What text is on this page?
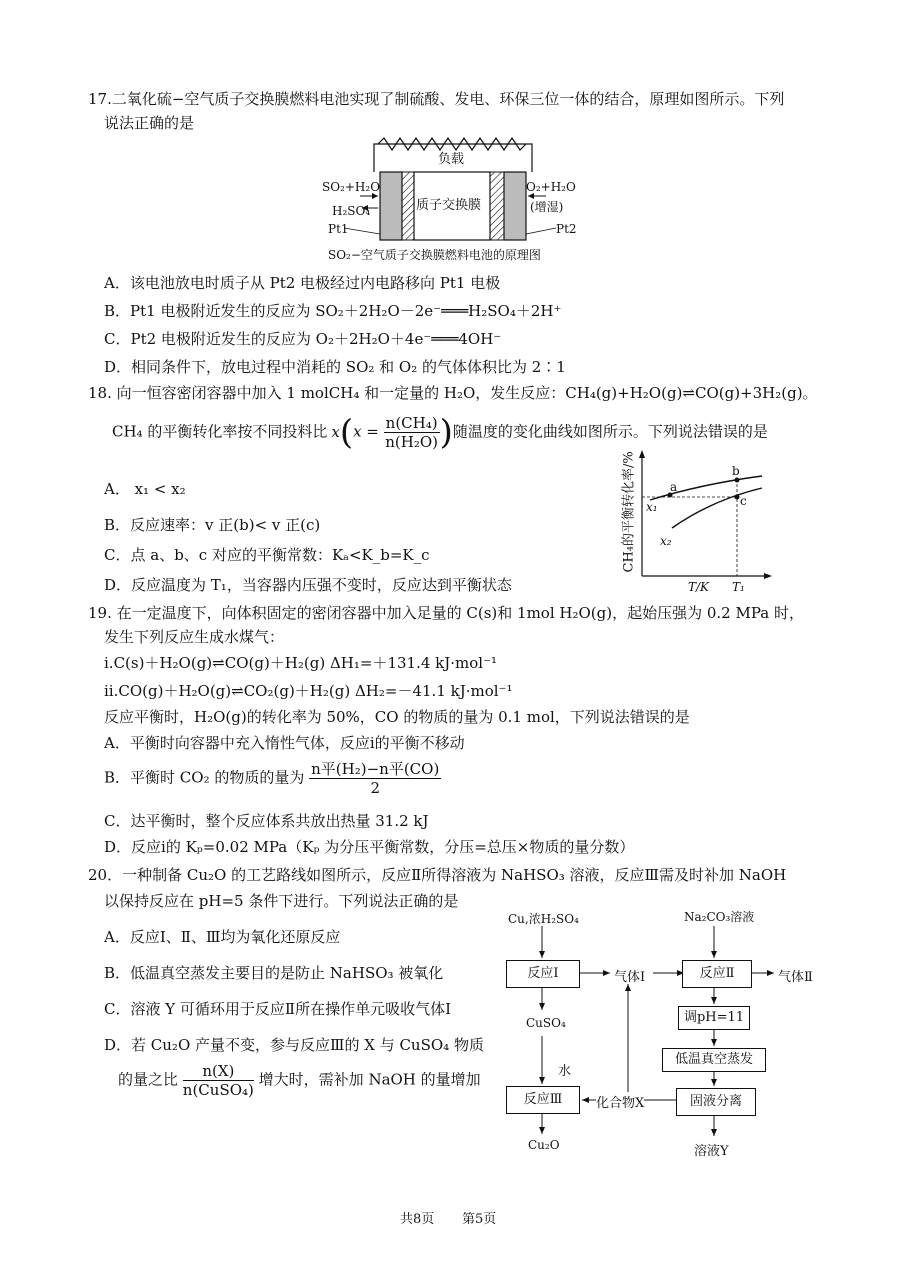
17.二氧化硫−空气质子交换膜燃料电池实现了制硫酸、发电、环保三位一体的结合，原理如图所示。下列
说法正确的是
负载
质子交换膜
SO₂+H₂O
H₂SO₄
Pt1
O₂+H₂O
(增湿)
Pt2
SO₂−空气质子交换膜燃料电池的原理图
A．该电池放电时质子从 Pt2 电极经过内电路移向 Pt1 电极
B．Pt1 电极附近发生的反应为 SO₂＋2H₂O－2e⁻═══H₂SO₄＋2H⁺
C．Pt2 电极附近发生的反应为 O₂＋2H₂O＋4e⁻═══4OH⁻
D．相同条件下，放电过程中消耗的 SO₂ 和 O₂ 的气体体积比为 2∶1
18. 向一恒容密闭容器中加入 1 molCH₄ 和一定量的 H₂O，发生反应：CH₄(g)+H₂O(g)⇌CO(g)+3H₂(g)。
CH₄ 的平衡转化率按不同投料比 $x(x = \frac{\text{n(CH₄)}}{\text{n(H₂O)}}$ )随温度的变化曲线如图所示。下列说法错误的是
A． x₁ < x₂
B．反应速率：v 正(b)< v 正(c)
C．点 a、b、c 对应的平衡常数：Kₐ<K_b=K_c
D．反应温度为 T₁，当容器内压强不变时，反应达到平衡状态
CH₄的平衡转化率/%
T/K T₁
a
b
c
x₁
x₂
19. 在一定温度下，向体积固定的密闭容器中加入足量的 C(s)和 1mol H₂O(g)，起始压强为 0.2 MPa 时，
发生下列反应生成水煤气：
ⅰ.C(s)＋H₂O(g)⇌CO(g)＋H₂(g) ΔH₁=＋131.4 kJ·mol⁻¹
ⅱ.CO(g)＋H₂O(g)⇌CO₂(g)＋H₂(g) ΔH₂=－41.1 kJ·mol⁻¹
反应平衡时，H₂O(g)的转化率为 50%，CO 的物质的量为 0.1 mol，下列说法错误的是
A．平衡时向容器中充入惰性气体，反应ⅰ的平衡不移动
B．平衡时 CO₂ 的物质的量为 $\frac{\text{n平(H₂)−n平(CO)}}{2}$
C．达平衡时，整个反应体系共放出热量 31.2 kJ
D．反应ⅰ的 Kₚ=0.02 MPa（Kₚ 为分压平衡常数，分压=总压×物质的量分数）
20．一种制备 Cu₂O 的工艺路线如图所示，反应Ⅱ所得溶液为 NaHSO₃ 溶液，反应Ⅲ需及时补加 NaOH
以保持反应在 pH=5 条件下进行。下列说法正确的是
A．反应Ⅰ、Ⅱ、Ⅲ均为氧化还原反应
B．低温真空蒸发主要目的是防止 NaHSO₃ 被氧化
C．溶液 Y 可循环用于反应Ⅱ所在操作单元吸收气体Ⅰ
D．若 Cu₂O 产量不变，参与反应Ⅲ的 X 与 CuSO₄ 物质
的量之比 $\frac{n(X)}{\text{n(CuSO₄)}}$ 增大时，需补加 NaOH 的量增加
Cu,浓H₂SO₄	Na₂CO₃溶液
反应Ⅰ	气体Ⅰ	反应Ⅱ	气体Ⅱ
调pH=11
低温真空蒸发
固液分离
溶液Y
CuSO₄
水
反应Ⅲ	化合物X
Cu₂O
共8页 第5页
